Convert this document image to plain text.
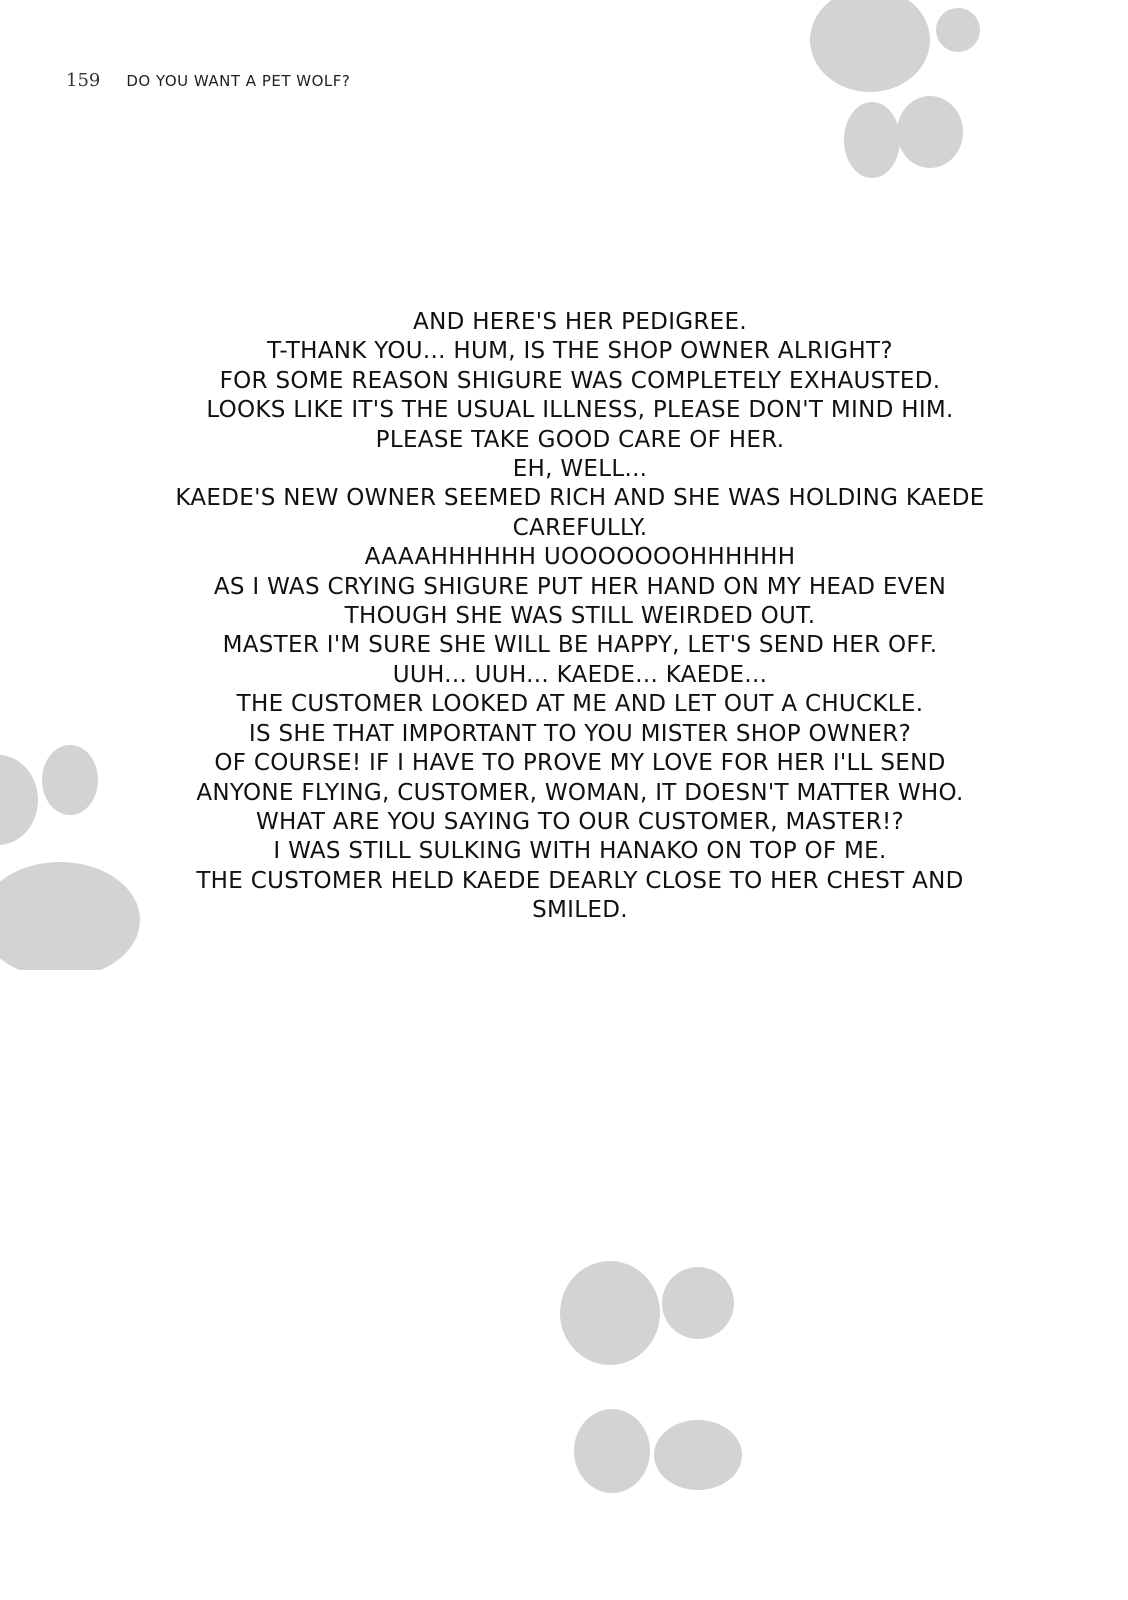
159 DO YOU WANT A PET WOLF?
AND HERE'S HER PEDIGREE.
T-THANK YOU... HUM, IS THE SHOP OWNER ALRIGHT?
FOR SOME REASON SHIGURE WAS COMPLETELY EXHAUSTED.
LOOKS LIKE IT'S THE USUAL ILLNESS, PLEASE DON'T MIND HIM.
PLEASE TAKE GOOD CARE OF HER.
EH, WELL...
KAEDE'S NEW OWNER SEEMED RICH AND SHE WAS HOLDING KAEDE
CAREFULLY.
AAAAHHHHHH UOOOOOOOHHHHHH
AS I WAS CRYING SHIGURE PUT HER HAND ON MY HEAD EVEN
THOUGH SHE WAS STILL WEIRDED OUT.
MASTER I'M SURE SHE WILL BE HAPPY, LET'S SEND HER OFF.
UUH... UUH... KAEDE... KAEDE...
THE CUSTOMER LOOKED AT ME AND LET OUT A CHUCKLE.
IS SHE THAT IMPORTANT TO YOU MISTER SHOP OWNER?
OF COURSE! IF I HAVE TO PROVE MY LOVE FOR HER I'LL SEND
ANYONE FLYING, CUSTOMER, WOMAN, IT DOESN'T MATTER WHO.
WHAT ARE YOU SAYING TO OUR CUSTOMER, MASTER!?
I WAS STILL SULKING WITH HANAKO ON TOP OF ME.
THE CUSTOMER HELD KAEDE DEARLY CLOSE TO HER CHEST AND
SMILED.
